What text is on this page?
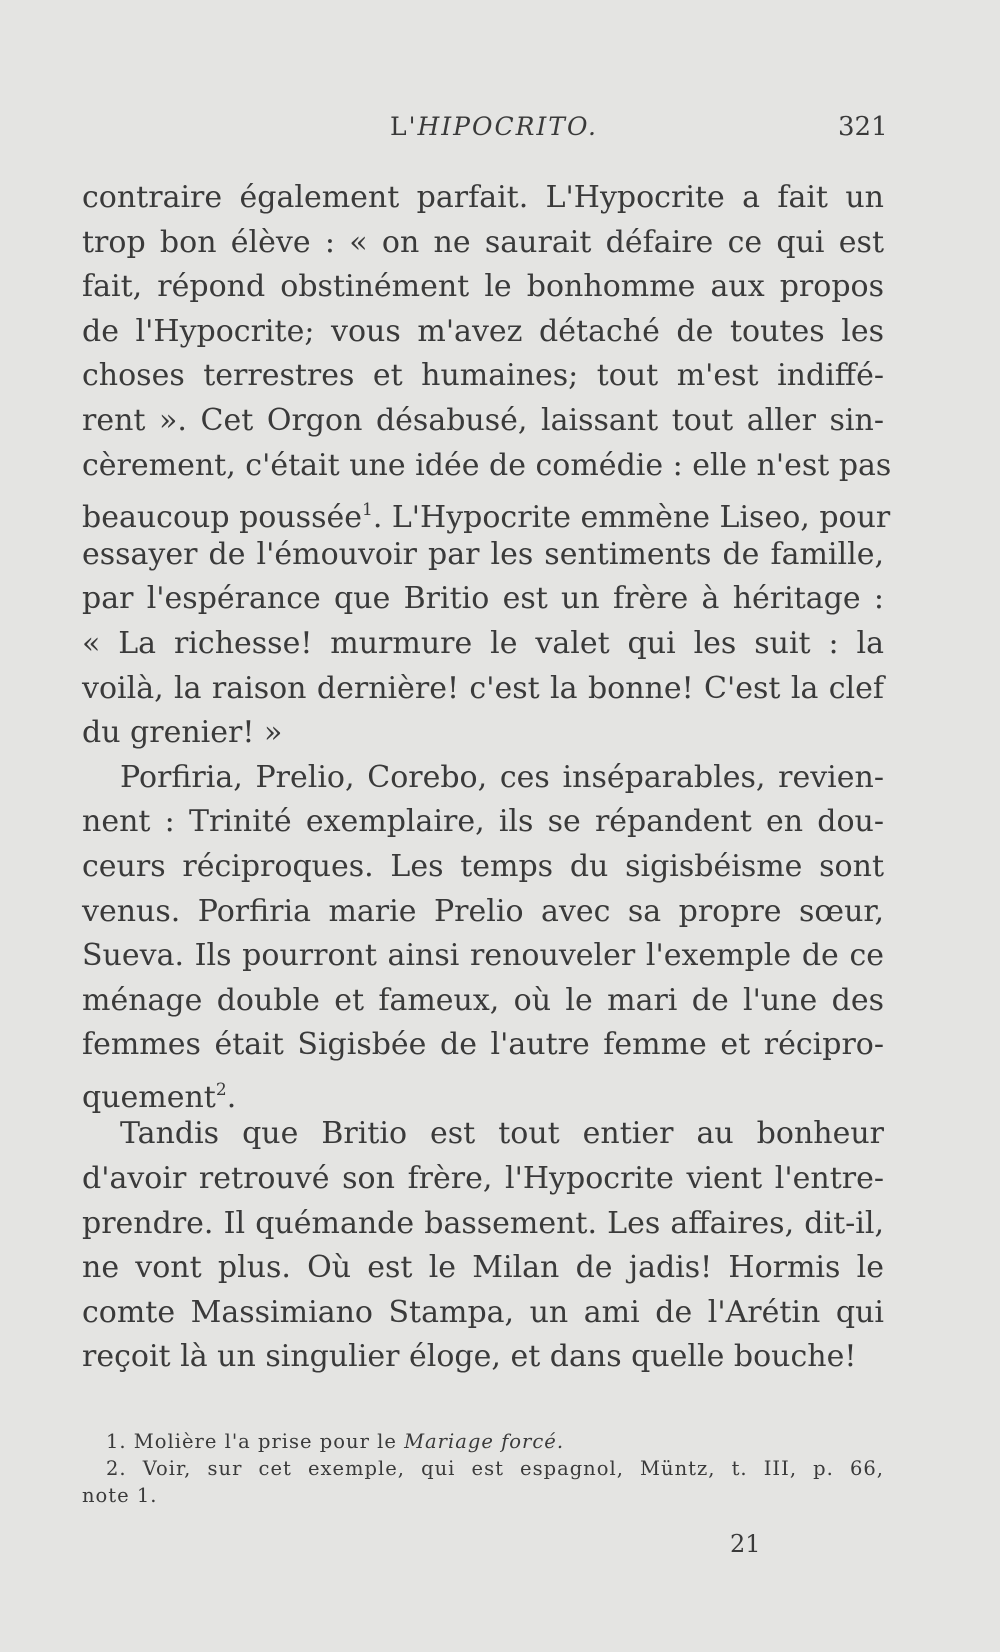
L'HIPOCRITO.	321
contraire également parfait. L'Hypocrite a fait un
trop bon élève : « on ne saurait défaire ce qui est
fait, répond obstinément le bonhomme aux propos
de l'Hypocrite; vous m'avez détaché de toutes les
choses terrestres et humaines; tout m'est indiffé-
rent ». Cet Orgon désabusé, laissant tout aller sin-
cèrement, c'était une idée de comédie : elle n'est pas
beaucoup poussée$^1$. L'Hypocrite emmène Liseo, pour
essayer de l'émouvoir par les sentiments de famille,
par l'espérance que Britio est un frère à héritage :
« La richesse! murmure le valet qui les suit : la
voilà, la raison dernière! c'est la bonne! C'est la clef
du grenier! »
Porfiria, Prelio, Corebo, ces inséparables, revien-
nent : Trinité exemplaire, ils se répandent en dou-
ceurs réciproques. Les temps du sigisbéisme sont
venus. Porfiria marie Prelio avec sa propre sœur,
Sueva. Ils pourront ainsi renouveler l'exemple de ce
ménage double et fameux, où le mari de l'une des
femmes était Sigisbée de l'autre femme et récipro-
quement$^2$.
Tandis que Britio est tout entier au bonheur
d'avoir retrouvé son frère, l'Hypocrite vient l'entre-
prendre. Il quémande bassement. Les affaires, dit-il,
ne vont plus. Où est le Milan de jadis! Hormis le
comte Massimiano Stampa, un ami de l'Arétin qui
reçoit là un singulier éloge, et dans quelle bouche!
1. Molière l'a prise pour le Mariage forcé.
2. Voir, sur cet exemple, qui est espagnol, Müntz, t. III, p. 66,
note 1.
21
